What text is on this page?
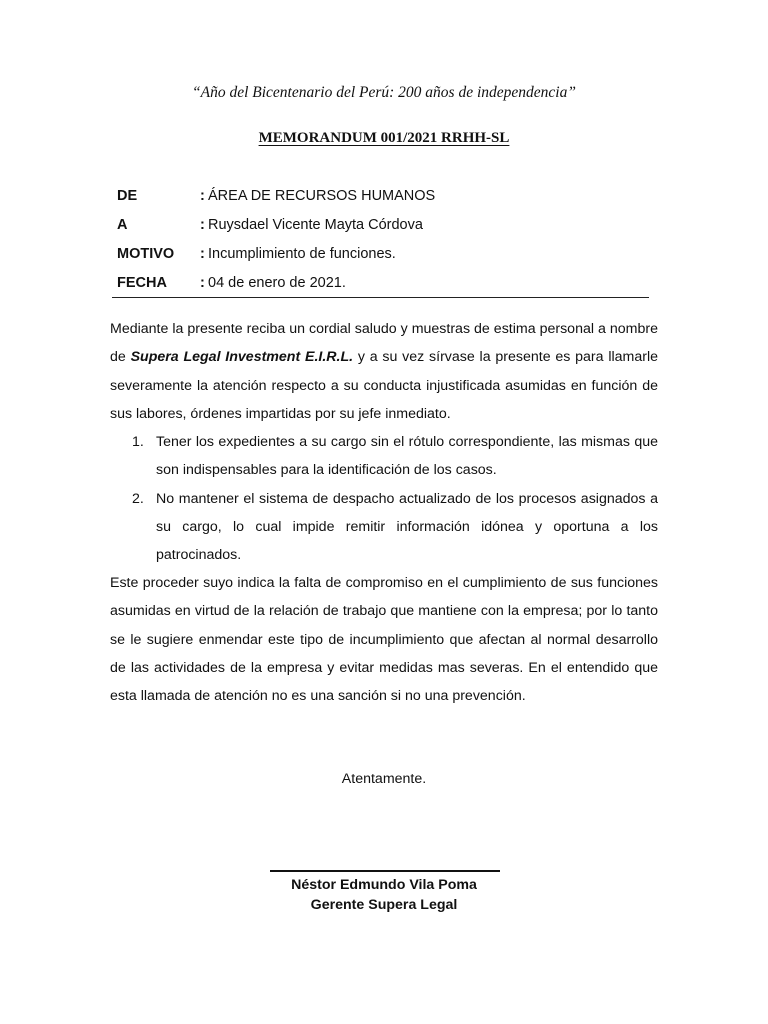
“Año del Bicentenario del Perú: 200 años de independencia”
MEMORANDUM 001/2021 RRHH-SL
DE	: ÁREA DE RECURSOS HUMANOS
A	: Ruysdael Vicente Mayta Córdova
MOTIVO : Incumplimiento de funciones.
FECHA : 04 de enero de 2021.

Mediante la presente reciba un cordial saludo y muestras de estima personal a nombre de Supera Legal Investment E.I.R.L. y a su vez sírvase la presente es para llamarle severamente la atención respecto a su conducta injustificada asumidas en función de sus labores, órdenes impartidas por su jefe inmediato.

1. Tener los expedientes a su cargo sin el rótulo correspondiente, las mismas que son indispensables para la identificación de los casos.
2. No mantener el sistema de despacho actualizado de los procesos asignados a su cargo, lo cual impide remitir información idónea y oportuna a los patrocinados.

Este proceder suyo indica la falta de compromiso en el cumplimiento de sus funciones asumidas en virtud de la relación de trabajo que mantiene con la empresa; por lo tanto se le sugiere enmendar este tipo de incumplimiento que afectan al normal desarrollo de las actividades de la empresa y evitar medidas mas severas. En el entendido que esta llamada de atención no es una sanción si no una prevención.

Atentamente.
Néstor Edmundo Vila Poma
Gerente Supera Legal
